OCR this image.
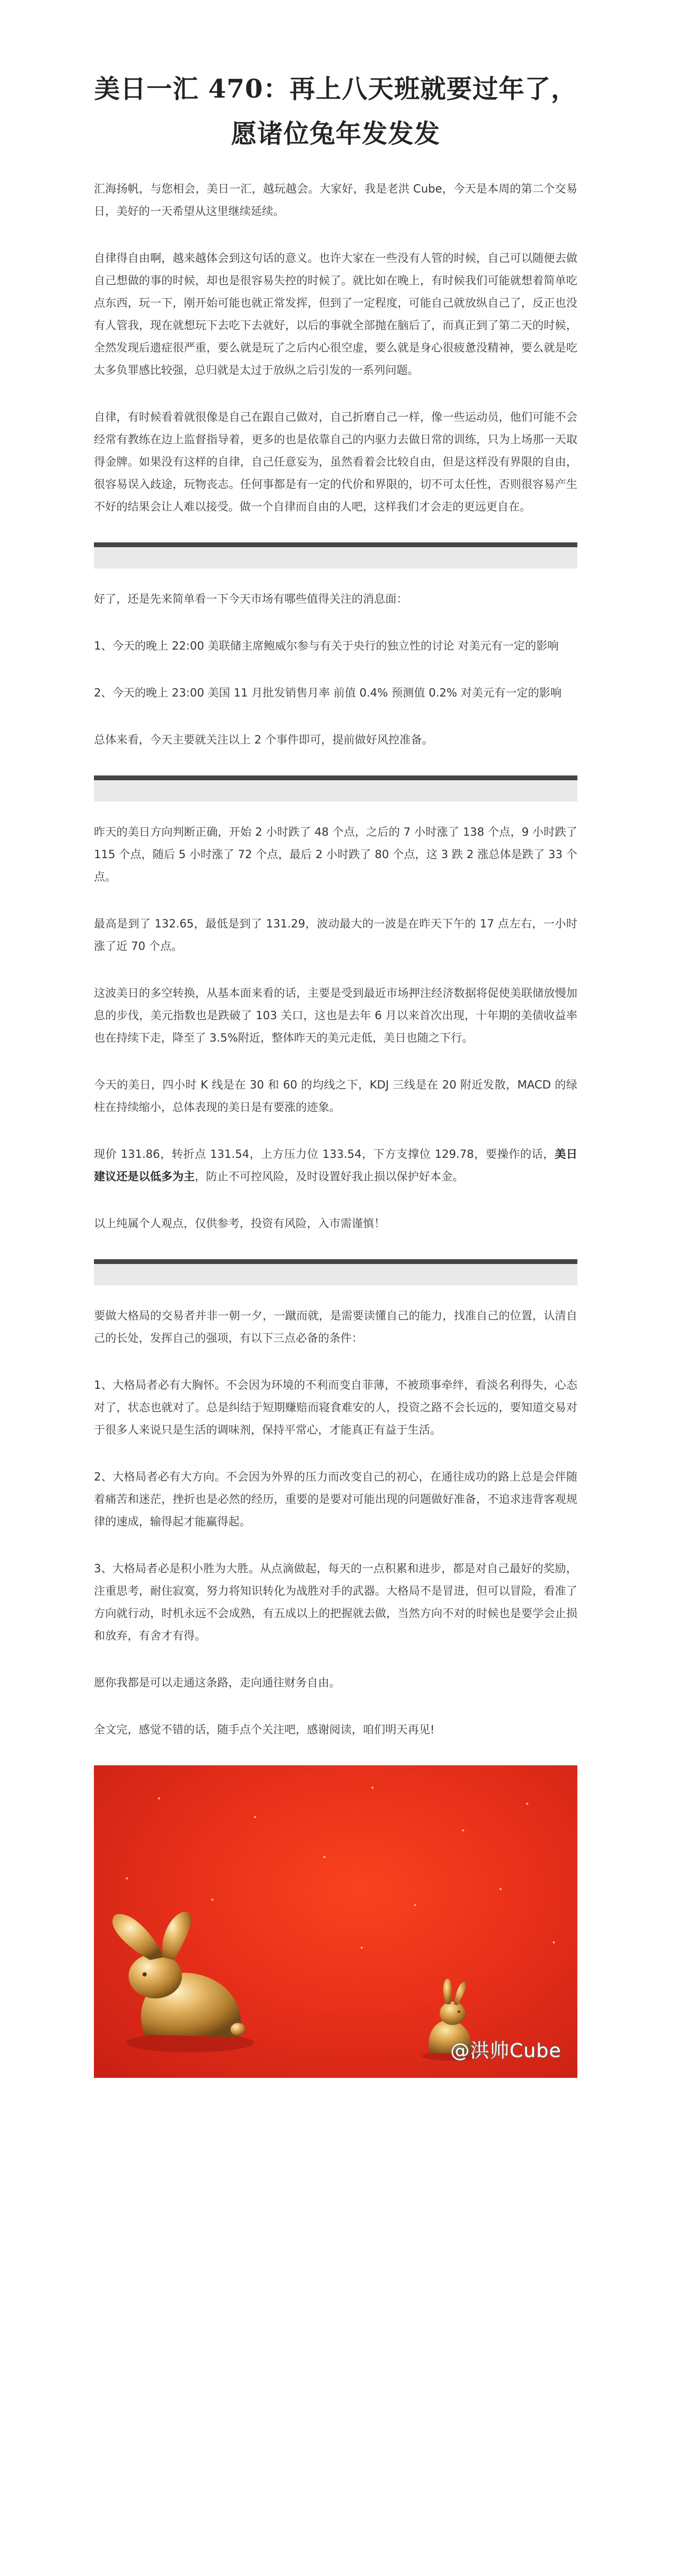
美日一汇 470：再上八天班就要过年了，愿诸位兔年发发发

汇海扬帆，与您相会，美日一汇，越玩越会。大家好，我是老洪 Cube，今天是本周的第二个交易日，美好的一天希望从这里继续延续。

自律得自由啊，越来越体会到这句话的意义。也许大家在一些没有人管的时候，自己可以随便去做自己想做的事的时候，却也是很容易失控的时候了。就比如在晚上，有时候我们可能就想着简单吃点东西，玩一下，刚开始可能也就正常发挥，但到了一定程度，可能自己就放纵自己了，反正也没有人管我，现在就想玩下去吃下去就好，以后的事就全部抛在脑后了，而真正到了第二天的时候，全然发现后遗症很严重，要么就是玩了之后内心很空虚，要么就是身心很疲惫没精神，要么就是吃太多负罪感比较强，总归就是太过于放纵之后引发的一系列问题。

自律，有时候看着就很像是自己在跟自己做对，自己折磨自己一样，像一些运动员，他们可能不会经常有教练在边上监督指导着，更多的也是依靠自己的内驱力去做日常的训练，只为上场那一天取得金牌。如果没有这样的自律，自己任意妄为，虽然看着会比较自由，但是这样没有界限的自由，很容易误入歧途，玩物丧志。任何事都是有一定的代价和界限的，切不可太任性，否则很容易产生不好的结果会让人难以接受。做一个自律而自由的人吧，这样我们才会走的更远更自在。

好了，还是先来简单看一下今天市场有哪些值得关注的消息面：

1、今天的晚上 22:00 美联储主席鲍威尔参与有关于央行的独立性的讨论 对美元有一定的影响

2、今天的晚上 23:00 美国 11 月批发销售月率 前值 0.4% 预测值 0.2% 对美元有一定的影响

总体来看，今天主要就关注以上 2 个事件即可，提前做好风控准备。

昨天的美日方向判断正确，开始 2 小时跌了 48 个点，之后的 7 小时涨了 138 个点，9 小时跌了 115 个点，随后 5 小时涨了 72 个点，最后 2 小时跌了 80 个点，这 3 跌 2 涨总体是跌了 33 个点。

最高是到了 132.65，最低是到了 131.29，波动最大的一波是在昨天下午的 17 点左右，一小时涨了近 70 个点。

这波美日的多空转换，从基本面来看的话，主要是受到最近市场押注经济数据将促使美联储放慢加息的步伐，美元指数也是跌破了 103 关口，这也是去年 6 月以来首次出现，十年期的美债收益率也在持续下走，降至了 3.5%附近，整体昨天的美元走低，美日也随之下行。

今天的美日，四小时 K 线是在 30 和 60 的均线之下，KDJ 三线是在 20 附近发散，MACD 的绿柱在持续缩小，总体表现的美日是有要涨的迹象。

现价 131.86，转折点 131.54，上方压力位 133.54，下方支撑位 129.78，要操作的话，美日建议还是以低多为主，防止不可控风险，及时设置好我止损以保护好本金。

以上纯属个人观点，仅供参考，投资有风险，入市需谨慎！

要做大格局的交易者并非一朝一夕，一蹴而就，是需要读懂自己的能力，找准自己的位置，认清自己的长处，发挥自己的强项，有以下三点必备的条件：

1、大格局者必有大胸怀。不会因为环境的不利而变自菲薄，不被琐事牵绊，看淡名利得失，心态对了，状态也就对了。总是纠结于短期赚赔而寝食难安的人，投资之路不会长远的，要知道交易对于很多人来说只是生活的调味剂，保持平常心，才能真正有益于生活。

2、大格局者必有大方向。不会因为外界的压力而改变自己的初心，在通往成功的路上总是会伴随着痛苦和迷茫，挫折也是必然的经历，重要的是要对可能出现的问题做好准备，不追求违背客观规律的速成，输得起才能赢得起。

3、大格局者必是积小胜为大胜。从点滴做起，每天的一点积累和进步，都是对自己最好的奖励，注重思考，耐住寂寞，努力将知识转化为战胜对手的武器。大格局不是冒进，但可以冒险，看准了方向就行动，时机永远不会成熟，有五成以上的把握就去做，当然方向不对的时候也是要学会止损和放弃，有舍才有得。

愿你我都是可以走通这条路，走向通往财务自由。

全文完，感觉不错的话，随手点个关注吧，感谢阅读，咱们明天再见!

@洪帅Cube
